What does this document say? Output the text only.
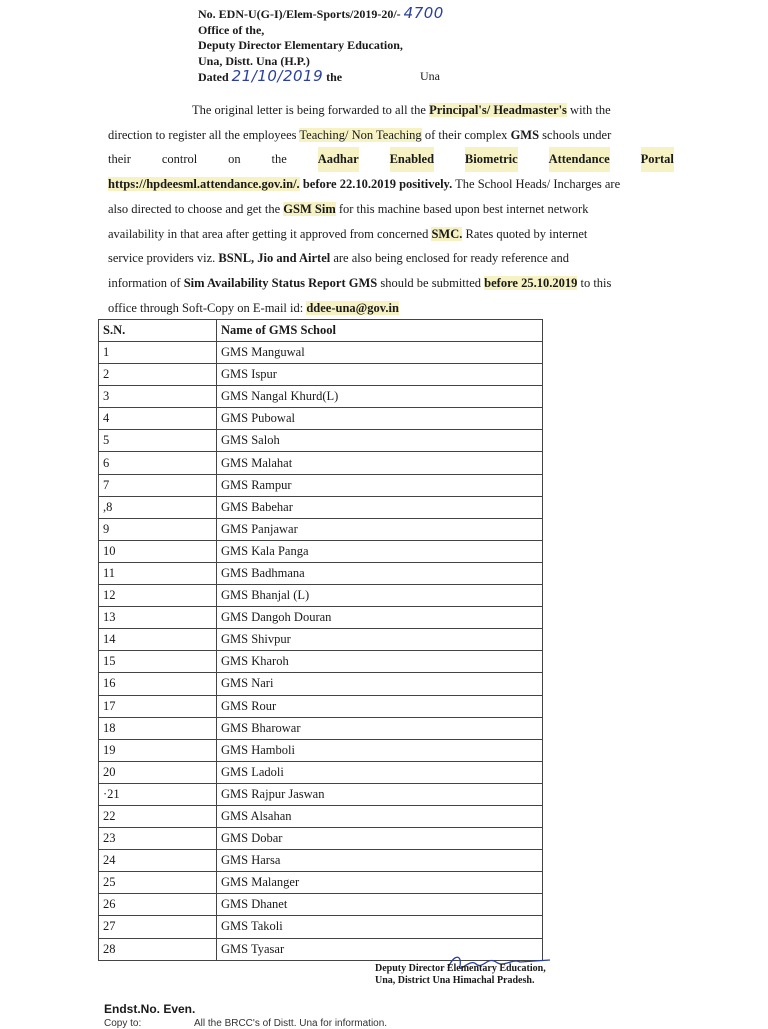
No. EDN-U(G-I)/Elem-Sports/2019-20/- 4700
Office of the,
Deputy Director Elementary Education,
Una, Distt. Una (H.P.)
Dated 21/10/2019 the	Una
The original letter is being forwarded to all the Principal's/ Headmaster's with the
direction to register all the employees Teaching/ Non Teaching of their complex GMS schools under
their control on the Aadhar Enabled Biometric Attendance Portal
https://hpdeesml.attendance.gov.in/. before 22.10.2019 positively. The School Heads/ Incharges are
also directed to choose and get the GSM Sim for this machine based upon best internet network
availability in that area after getting it approved from concerned SMC. Rates quoted by internet
service providers viz. BSNL, Jio and Airtel are also being enclosed for ready reference and
information of Sim Availability Status Report GMS should be submitted before 25.10.2019 to this
office through Soft-Copy on E-mail id: ddee-una@gov.in
S.N.	Name of GMS School
1	GMS Manguwal
2	GMS Ispur
3	GMS Nangal Khurd(L)
4	GMS Pubowal
5	GMS Saloh
6	GMS Malahat
7	GMS Rampur
,8	GMS Babehar
9	GMS Panjawar
10	GMS Kala Panga
11	GMS Badhmana
12	GMS Bhanjal (L)
13	GMS Dangoh Douran
14	GMS Shivpur
15	GMS Kharoh
16	GMS Nari
17	GMS Rour
18	GMS Bharowar
19	GMS Hamboli
20	GMS Ladoli
·21	GMS Rajpur Jaswan
22	GMS Alsahan
23	GMS Dobar
24	GMS Harsa
25	GMS Malanger
26	GMS Dhanet
27	GMS Takoli
28	GMS Tyasar
Deputy Director Elementary Education,
Una, District Una Himachal Pradesh.
Endst.No. Even.
Copy to:	All the BRCC's of Distt. Una for information.
